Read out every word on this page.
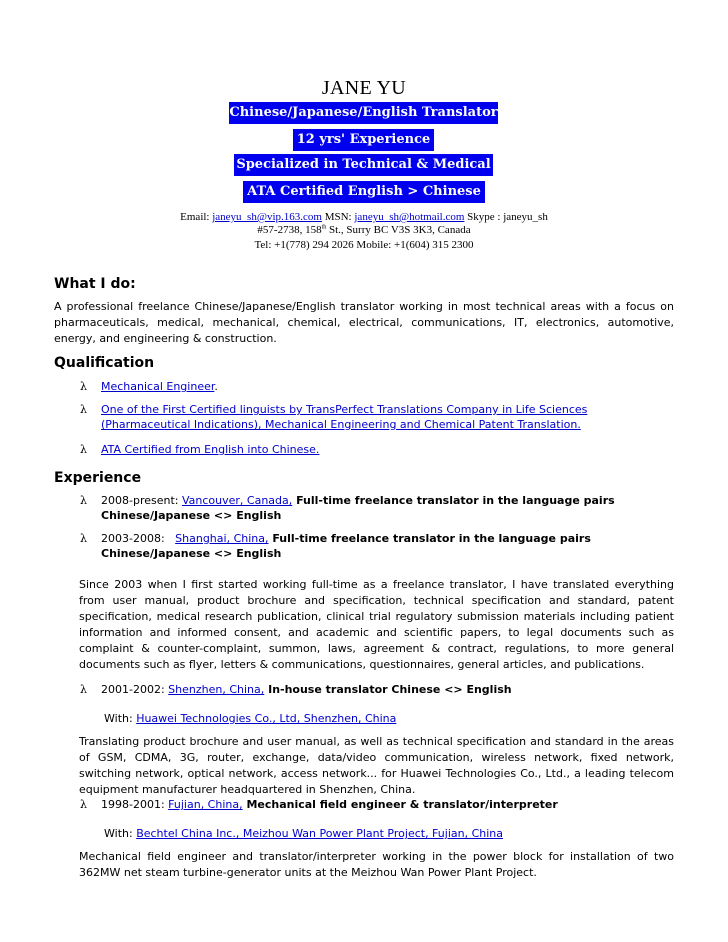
JANE YU
Chinese/Japanese/English Translator
12 yrs' Experience
Specialized in Technical & Medical
ATA Certified English > Chinese
Email: janeyu_sh@vip.163.com MSN: janeyu_sh@hotmail.com Skype : janeyu_sh
#57-2738, 158th St., Surry BC V3S 3K3, Canada
Tel: +1(778) 294 2026 Mobile: +1(604) 315 2300
What I do:
A professional freelance Chinese/Japanese/English translator working in most technical areas with a focus on pharmaceuticals, medical, mechanical, chemical, electrical, communications, IT, electronics, automotive, energy, and engineering & construction.
Qualification
λ Mechanical Engineer.
λ One of the First Certified linguists by TransPerfect Translations Company in Life Sciences (Pharmaceutical Indications), Mechanical Engineering and Chemical Patent Translation.
λ ATA Certified from English into Chinese.
Experience
λ 2008-present: Vancouver, Canada, Full-time freelance translator in the language pairs Chinese/Japanese <> English
λ 2003-2008:   Shanghai, China, Full-time freelance translator in the language pairs Chinese/Japanese <> English
Since 2003 when I first started working full-time as a freelance translator, I have translated everything from user manual, product brochure and specification, technical specification and standard, patent specification, medical research publication, clinical trial regulatory submission materials including patient information and informed consent, and academic and scientific papers, to legal documents such as complaint & counter-complaint, summon, laws, agreement & contract, regulations, to more general documents such as flyer, letters & communications, questionnaires, general articles, and publications.
λ 2001-2002: Shenzhen, China, In-house translator Chinese <> English
With: Huawei Technologies Co., Ltd, Shenzhen, China
Translating product brochure and user manual, as well as technical specification and standard in the areas of GSM, CDMA, 3G, router, exchange, data/video communication, wireless network, fixed network, switching network, optical network, access network... for Huawei Technologies Co., Ltd., a leading telecom equipment manufacturer headquartered in Shenzhen, China.
λ 1998-2001: Fujian, China, Mechanical field engineer & translator/interpreter
With: Bechtel China Inc., Meizhou Wan Power Plant Project, Fujian, China
Mechanical field engineer and translator/interpreter working in the power block for installation of two 362MW net steam turbine-generator units at the Meizhou Wan Power Plant Project.
